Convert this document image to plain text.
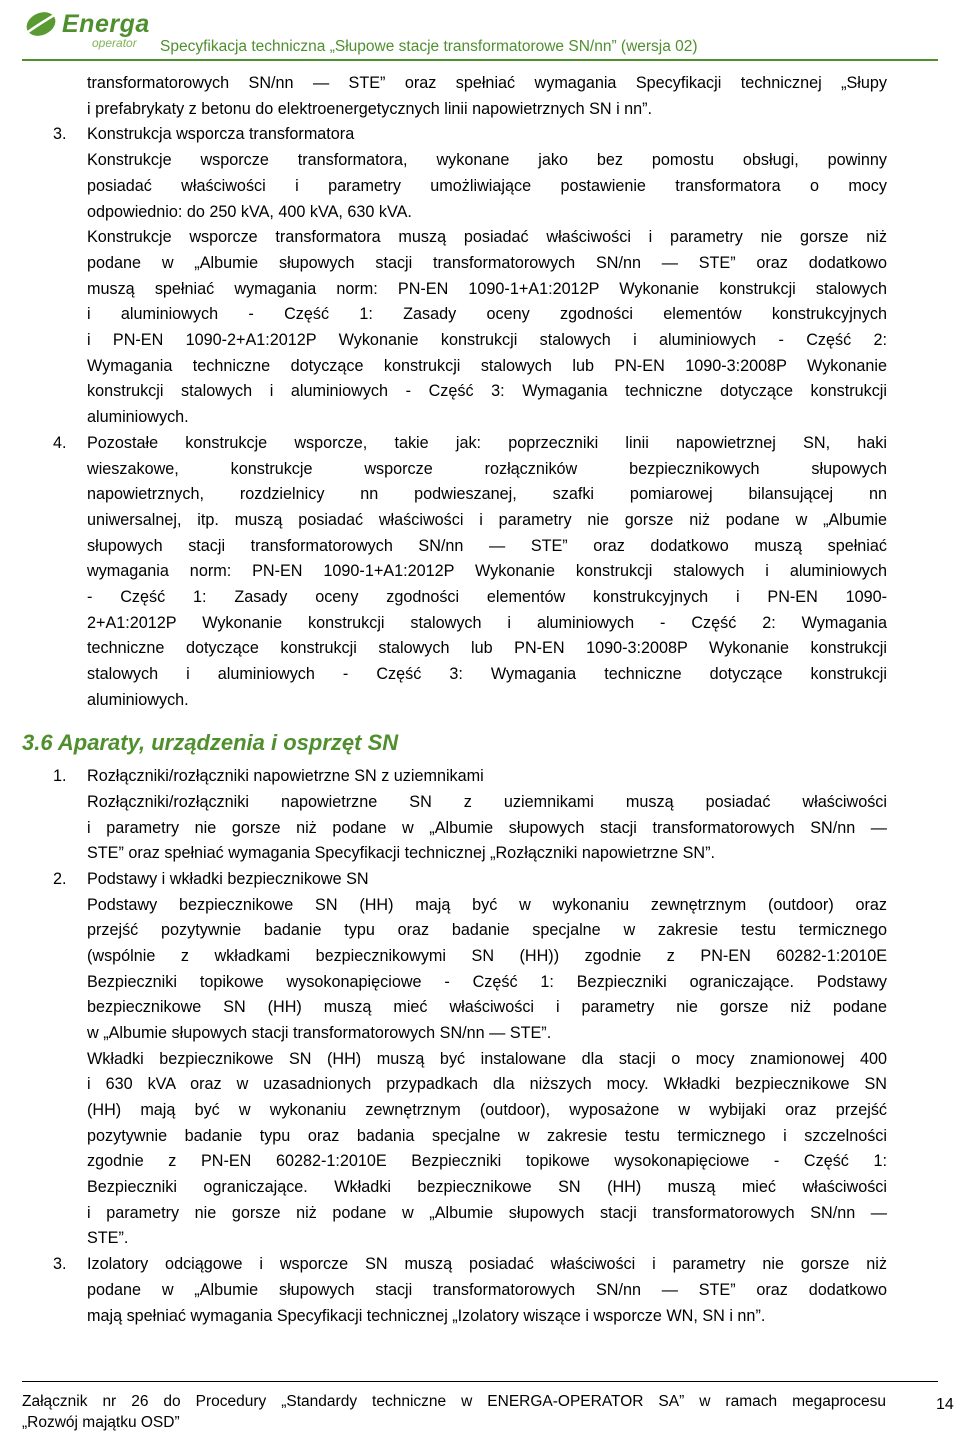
Energa
operator Specyfikacja techniczna „Słupowe stacje transformatorowe SN/nn” (wersja 02)
transformatorowych SN/nn — STE” oraz spełniać wymagania Specyfikacji technicznej „Słupy
i prefabrykaty z betonu do elektroenergetycznych linii napowietrznych SN i nn”.
3. Konstrukcja wsporcza transformatora
Konstrukcje wsporcze transformatora, wykonane jako bez pomostu obsługi, powinny
posiadać właściwości i parametry umożliwiające postawienie transformatora o mocy
odpowiednio: do 250 kVA, 400 kVA, 630 kVA.
Konstrukcje wsporcze transformatora muszą posiadać właściwości i parametry nie gorsze niż
podane w „Albumie słupowych stacji transformatorowych SN/nn — STE” oraz dodatkowo
muszą spełniać wymagania norm: PN-EN 1090-1+A1:2012P Wykonanie konstrukcji stalowych
i aluminiowych - Część 1: Zasady oceny zgodności elementów konstrukcyjnych
i PN-EN 1090-2+A1:2012P Wykonanie konstrukcji stalowych i aluminiowych - Część 2:
Wymagania techniczne dotyczące konstrukcji stalowych lub PN-EN 1090-3:2008P Wykonanie
konstrukcji stalowych i aluminiowych - Część 3: Wymagania techniczne dotyczące konstrukcji
aluminiowych.
4. Pozostałe konstrukcje wsporcze, takie jak: poprzeczniki linii napowietrznej SN, haki
wieszakowe, konstrukcje wsporcze rozłączników bezpiecznikowych słupowych
napowietrznych, rozdzielnicy nn podwieszanej, szafki pomiarowej bilansującej nn
uniwersalnej, itp. muszą posiadać właściwości i parametry nie gorsze niż podane w „Albumie
słupowych stacji transformatorowych SN/nn — STE” oraz dodatkowo muszą spełniać
wymagania norm: PN-EN 1090-1+A1:2012P Wykonanie konstrukcji stalowych i aluminiowych
- Część 1: Zasady oceny zgodności elementów konstrukcyjnych i PN-EN 1090-
2+A1:2012P Wykonanie konstrukcji stalowych i aluminiowych - Część 2: Wymagania
techniczne dotyczące konstrukcji stalowych lub PN-EN 1090-3:2008P Wykonanie konstrukcji
stalowych i aluminiowych - Część 3: Wymagania techniczne dotyczące konstrukcji
aluminiowych.
3.6 Aparaty, urządzenia i osprzęt SN
1. Rozłączniki/rozłączniki napowietrzne SN z uziemnikami
Rozłączniki/rozłączniki napowietrzne SN z uziemnikami muszą posiadać właściwości
i parametry nie gorsze niż podane w „Albumie słupowych stacji transformatorowych SN/nn —
STE” oraz spełniać wymagania Specyfikacji technicznej „Rozłączniki napowietrzne SN”.
2. Podstawy i wkładki bezpiecznikowe SN
Podstawy bezpiecznikowe SN (HH) mają być w wykonaniu zewnętrznym (outdoor) oraz
przejść pozytywnie badanie typu oraz badanie specjalne w zakresie testu termicznego
(wspólnie z wkładkami bezpiecznikowymi SN (HH)) zgodnie z PN-EN 60282-1:2010E
Bezpieczniki topikowe wysokonapięciowe - Część 1: Bezpieczniki ograniczające. Podstawy
bezpiecznikowe SN (HH) muszą mieć właściwości i parametry nie gorsze niż podane
w „Albumie słupowych stacji transformatorowych SN/nn — STE”.
Wkładki bezpiecznikowe SN (HH) muszą być instalowane dla stacji o mocy znamionowej 400
i 630 kVA oraz w uzasadnionych przypadkach dla niższych mocy. Wkładki bezpiecznikowe SN
(HH) mają być w wykonaniu zewnętrznym (outdoor), wyposażone w wybijaki oraz przejść
pozytywnie badanie typu oraz badania specjalne w zakresie testu termicznego i szczelności
zgodnie z PN-EN 60282-1:2010E Bezpieczniki topikowe wysokonapięciowe - Część 1:
Bezpieczniki ograniczające. Wkładki bezpiecznikowe SN (HH) muszą mieć właściwości
i parametry nie gorsze niż podane w „Albumie słupowych stacji transformatorowych SN/nn —
STE”.
3. Izolatory odciągowe i wsporcze SN muszą posiadać właściwości i parametry nie gorsze niż
podane w „Albumie słupowych stacji transformatorowych SN/nn — STE” oraz dodatkowo
mają spełniać wymagania Specyfikacji technicznej „Izolatory wiszące i wsporcze WN, SN i nn”.
Załącznik nr 26 do Procedury „Standardy techniczne w ENERGA-OPERATOR SA” w ramach megaprocesu
„Rozwój majątku OSD”
14
